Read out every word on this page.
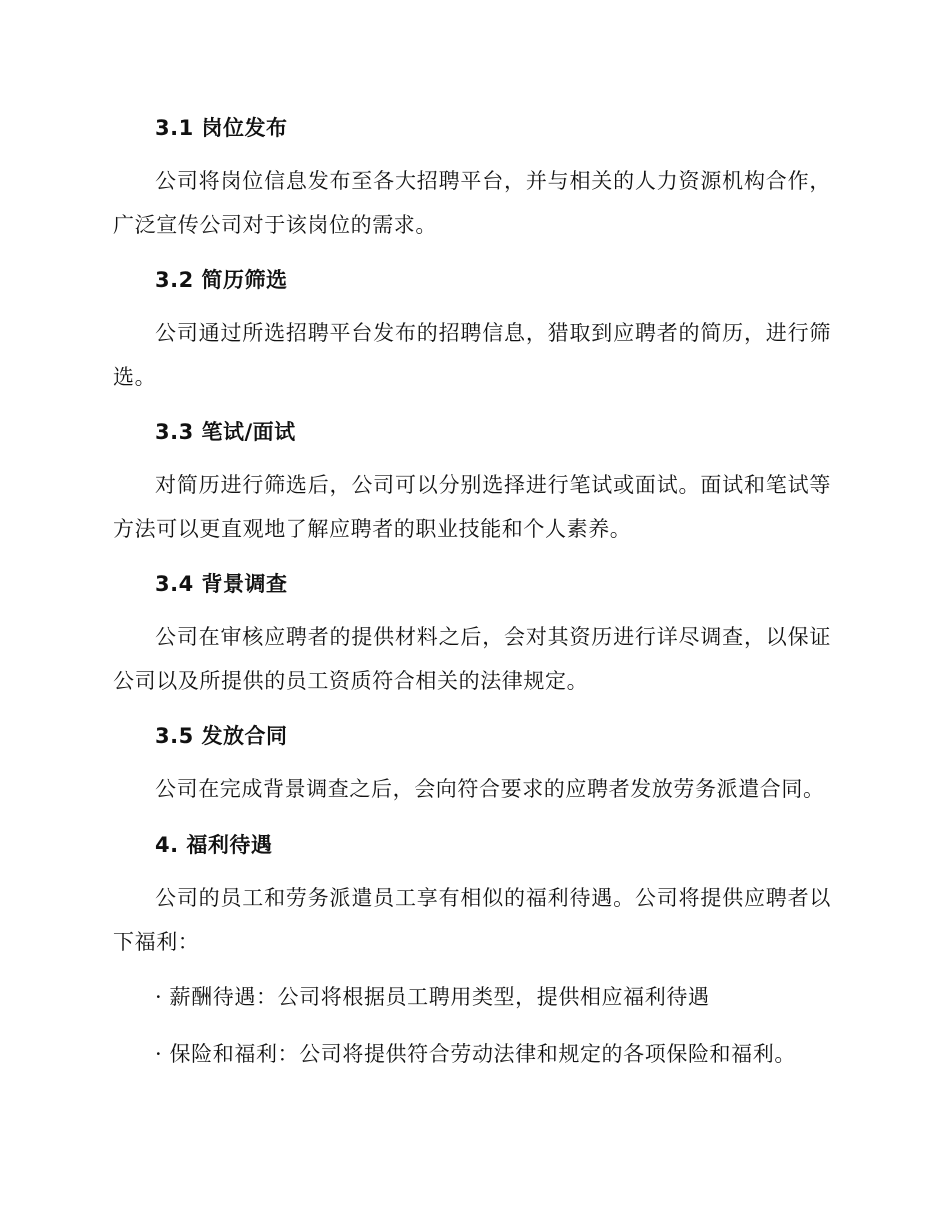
3.1 岗位发布
公司将岗位信息发布至各大招聘平台，并与相关的人力资源机构合作，广泛宣传公司对于该岗位的需求。
3.2 简历筛选
公司通过所选招聘平台发布的招聘信息，猎取到应聘者的简历，进行筛选。
3.3 笔试/面试
对简历进行筛选后，公司可以分别选择进行笔试或面试。面试和笔试等方法可以更直观地了解应聘者的职业技能和个人素养。
3.4 背景调查
公司在审核应聘者的提供材料之后，会对其资历进行详尽调查，以保证公司以及所提供的员工资质符合相关的法律规定。
3.5 发放合同
公司在完成背景调查之后，会向符合要求的应聘者发放劳务派遣合同。
4. 福利待遇
公司的员工和劳务派遣员工享有相似的福利待遇。公司将提供应聘者以下福利：
· 薪酬待遇：公司将根据员工聘用类型，提供相应福利待遇
· 保险和福利：公司将提供符合劳动法律和规定的各项保险和福利。
